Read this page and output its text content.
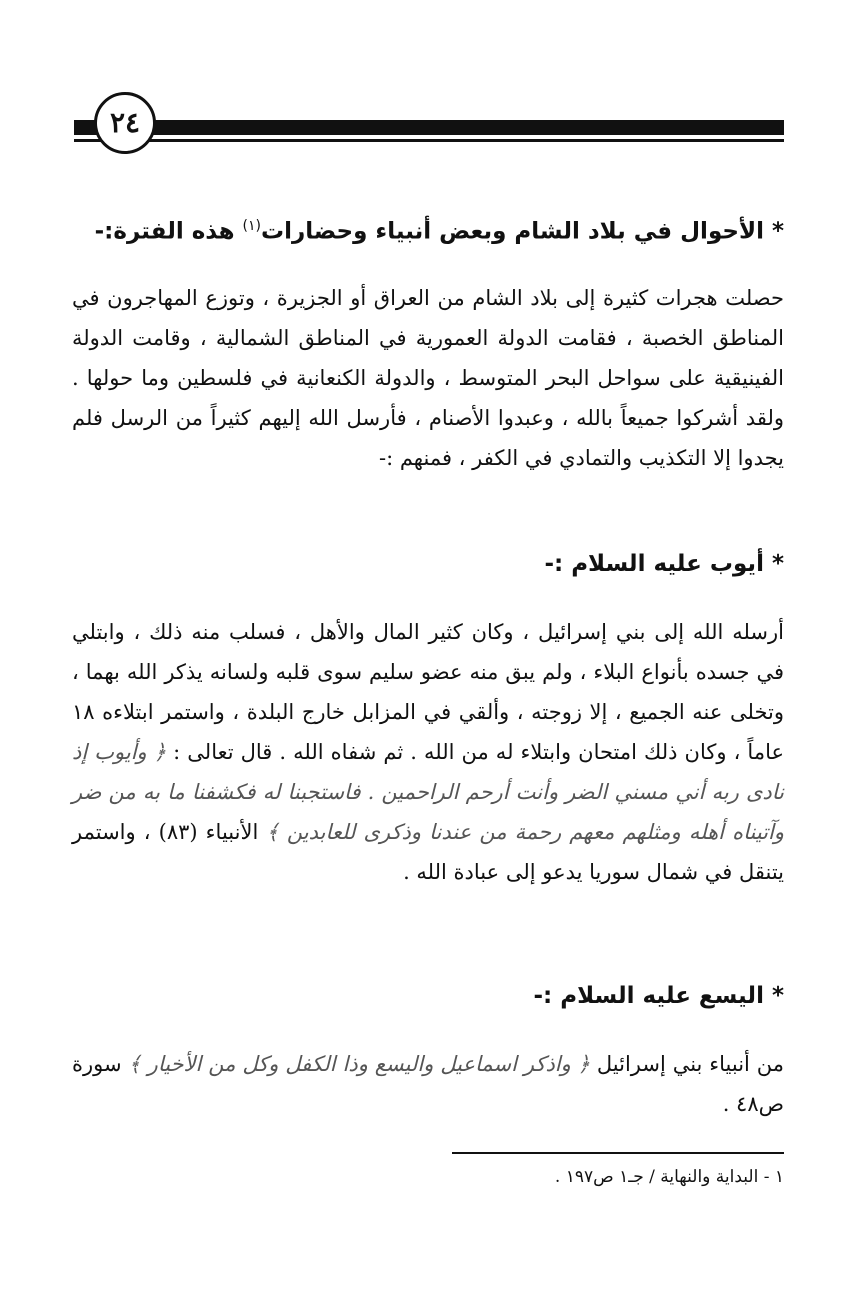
٢٤
* الأحوال في بلاد الشام وبعض أنبياء وحضارات$^{(١)}$ هذه الفترة:-

حصلت هجرات كثيرة إلى بلاد الشام من العراق أو الجزيرة ، وتوزع المهاجرون في المناطق الخصبة ، فقامت الدولة العمورية في المناطق الشمالية ، وقامت الدولة الفينيقية على سواحل البحر المتوسط ، والدولة الكنعانية في فلسطين وما حولها . ولقد أشركوا جميعاً بالله ، وعبدوا الأصنام ، فأرسل الله إليهم كثيراً من الرسل فلم يجدوا إلا التكذيب والتمادي في الكفر ، فمنهم :-

* أيوب عليه السلام :-

أرسله الله إلى بني إسرائيل ، وكان كثير المال والأهل ، فسلب منه ذلك ، وابتلي في جسده بأنواع البلاء ، ولم يبق منه عضو سليم سوى قلبه ولسانه يذكر الله بهما ، وتخلى عنه الجميع ، إلا زوجته ، وألقي في المزابل خارج البلدة ، واستمر ابتلاءه ١٨ عاماً ، وكان ذلك امتحان وابتلاء له من الله . ثم شفاه الله . قال تعالى : ﴿ وأيوب إذ نادى ربه أني مسني الضر وأنت أرحم الراحمين . فاستجبنا له فكشفنا ما به من ضر وآتيناه أهله ومثلهم معهم رحمة من عندنا وذكرى للعابدين ﴾ الأنبياء (٨٣) ، واستمر يتنقل في شمال سوريا يدعو إلى عبادة الله .

* اليسع عليه السلام :-

من أنبياء بني إسرائيل ﴿ واذكر اسماعيل واليسع وذا الكفل وكل من الأخيار ﴾ سورة ص٤٨ .

١ - البداية والنهاية / جـ١ ص١٩٧ .
